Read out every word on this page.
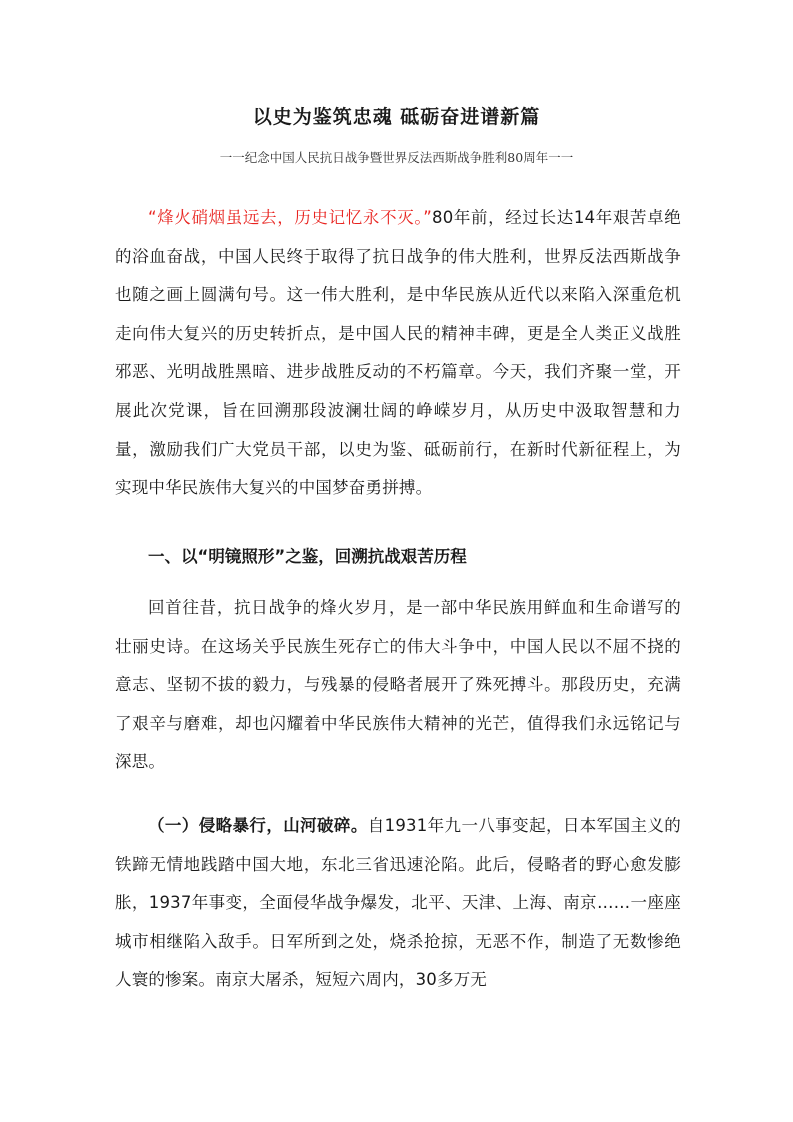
以史为鉴筑忠魂 砥砺奋进谱新篇

一一纪念中国人民抗日战争暨世界反法西斯战争胜利80周年一一

“烽火硝烟虽远去，历史记忆永不灭。”80年前，经过长达14年艰苦卓绝的浴血奋战，中国人民终于取得了抗日战争的伟大胜利，世界反法西斯战争也随之画上圆满句号。这一伟大胜利，是中华民族从近代以来陷入深重危机走向伟大复兴的历史转折点，是中国人民的精神丰碑，更是全人类正义战胜邪恶、光明战胜黑暗、进步战胜反动的不朽篇章。今天，我们齐聚一堂，开展此次党课，旨在回溯那段波澜壮阔的峥嵘岁月，从历史中汲取智慧和力量，激励我们广大党员干部，以史为鉴、砥砺前行，在新时代新征程上，为实现中华民族伟大复兴的中国梦奋勇拼搏。

一、以“明镜照形”之鉴，回溯抗战艰苦历程

回首往昔，抗日战争的烽火岁月，是一部中华民族用鲜血和生命谱写的壮丽史诗。在这场关乎民族生死存亡的伟大斗争中，中国人民以不屈不挠的意志、坚韧不拔的毅力，与残暴的侵略者展开了殊死搏斗。那段历史，充满了艰辛与磨难，却也闪耀着中华民族伟大精神的光芒，值得我们永远铭记与深思。

（一）侵略暴行，山河破碎。自1931年九一八事变起，日本军国主义的铁蹄无情地践踏中国大地，东北三省迅速沦陷。此后，侵略者的野心愈发膨胀，1937年事变，全面侵华战争爆发，北平、天津、上海、南京……一座座城市相继陷入敌手。日军所到之处，烧杀抢掠，无恶不作，制造了无数惨绝人寰的惨案。南京大屠杀，短短六周内，30多万无
